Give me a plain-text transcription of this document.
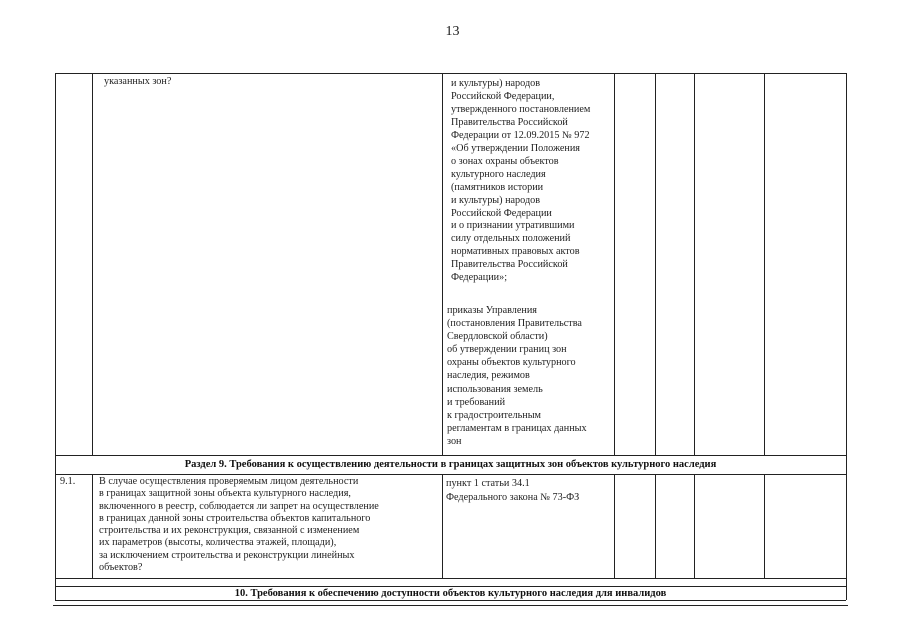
13
указанных зон?	и культуры) народов
Российской Федерации,
утвержденного постановлением
Правительства Российской
Федерации от 12.09.2015 № 972
«Об утверждении Положения
о зонах охраны объектов
культурного наследия
(памятников истории
и культуры) народов
Российской Федерации
и о признании утратившими
силу отдельных положений
нормативных правовых актов
Правительства Российской
Федерации»;
приказы Управления
(постановления Правительства
Свердловской области)
об утверждении границ зон
охраны объектов культурного
наследия, режимов
использования земель
и требований
к градостроительным
регламентам в границах данных
зон
Раздел 9. Требования к осуществлению деятельности в границах защитных зон объектов культурного наследия
9.1. В случае осуществления проверяемым лицом деятельности
в границах защитной зоны объекта культурного наследия,
включенного в реестр, соблюдается ли запрет на осуществление
в границах данной зоны строительства объектов капитального
строительства и их реконструкция, связанной с изменением
их параметров (высоты, количества этажей, площади),
за исключением строительства и реконструкции линейных
объектов?
пункт 1 статьи 34.1
Федерального закона № 73-ФЗ
10. Требования к обеспечению доступности объектов культурного наследия для инвалидов
